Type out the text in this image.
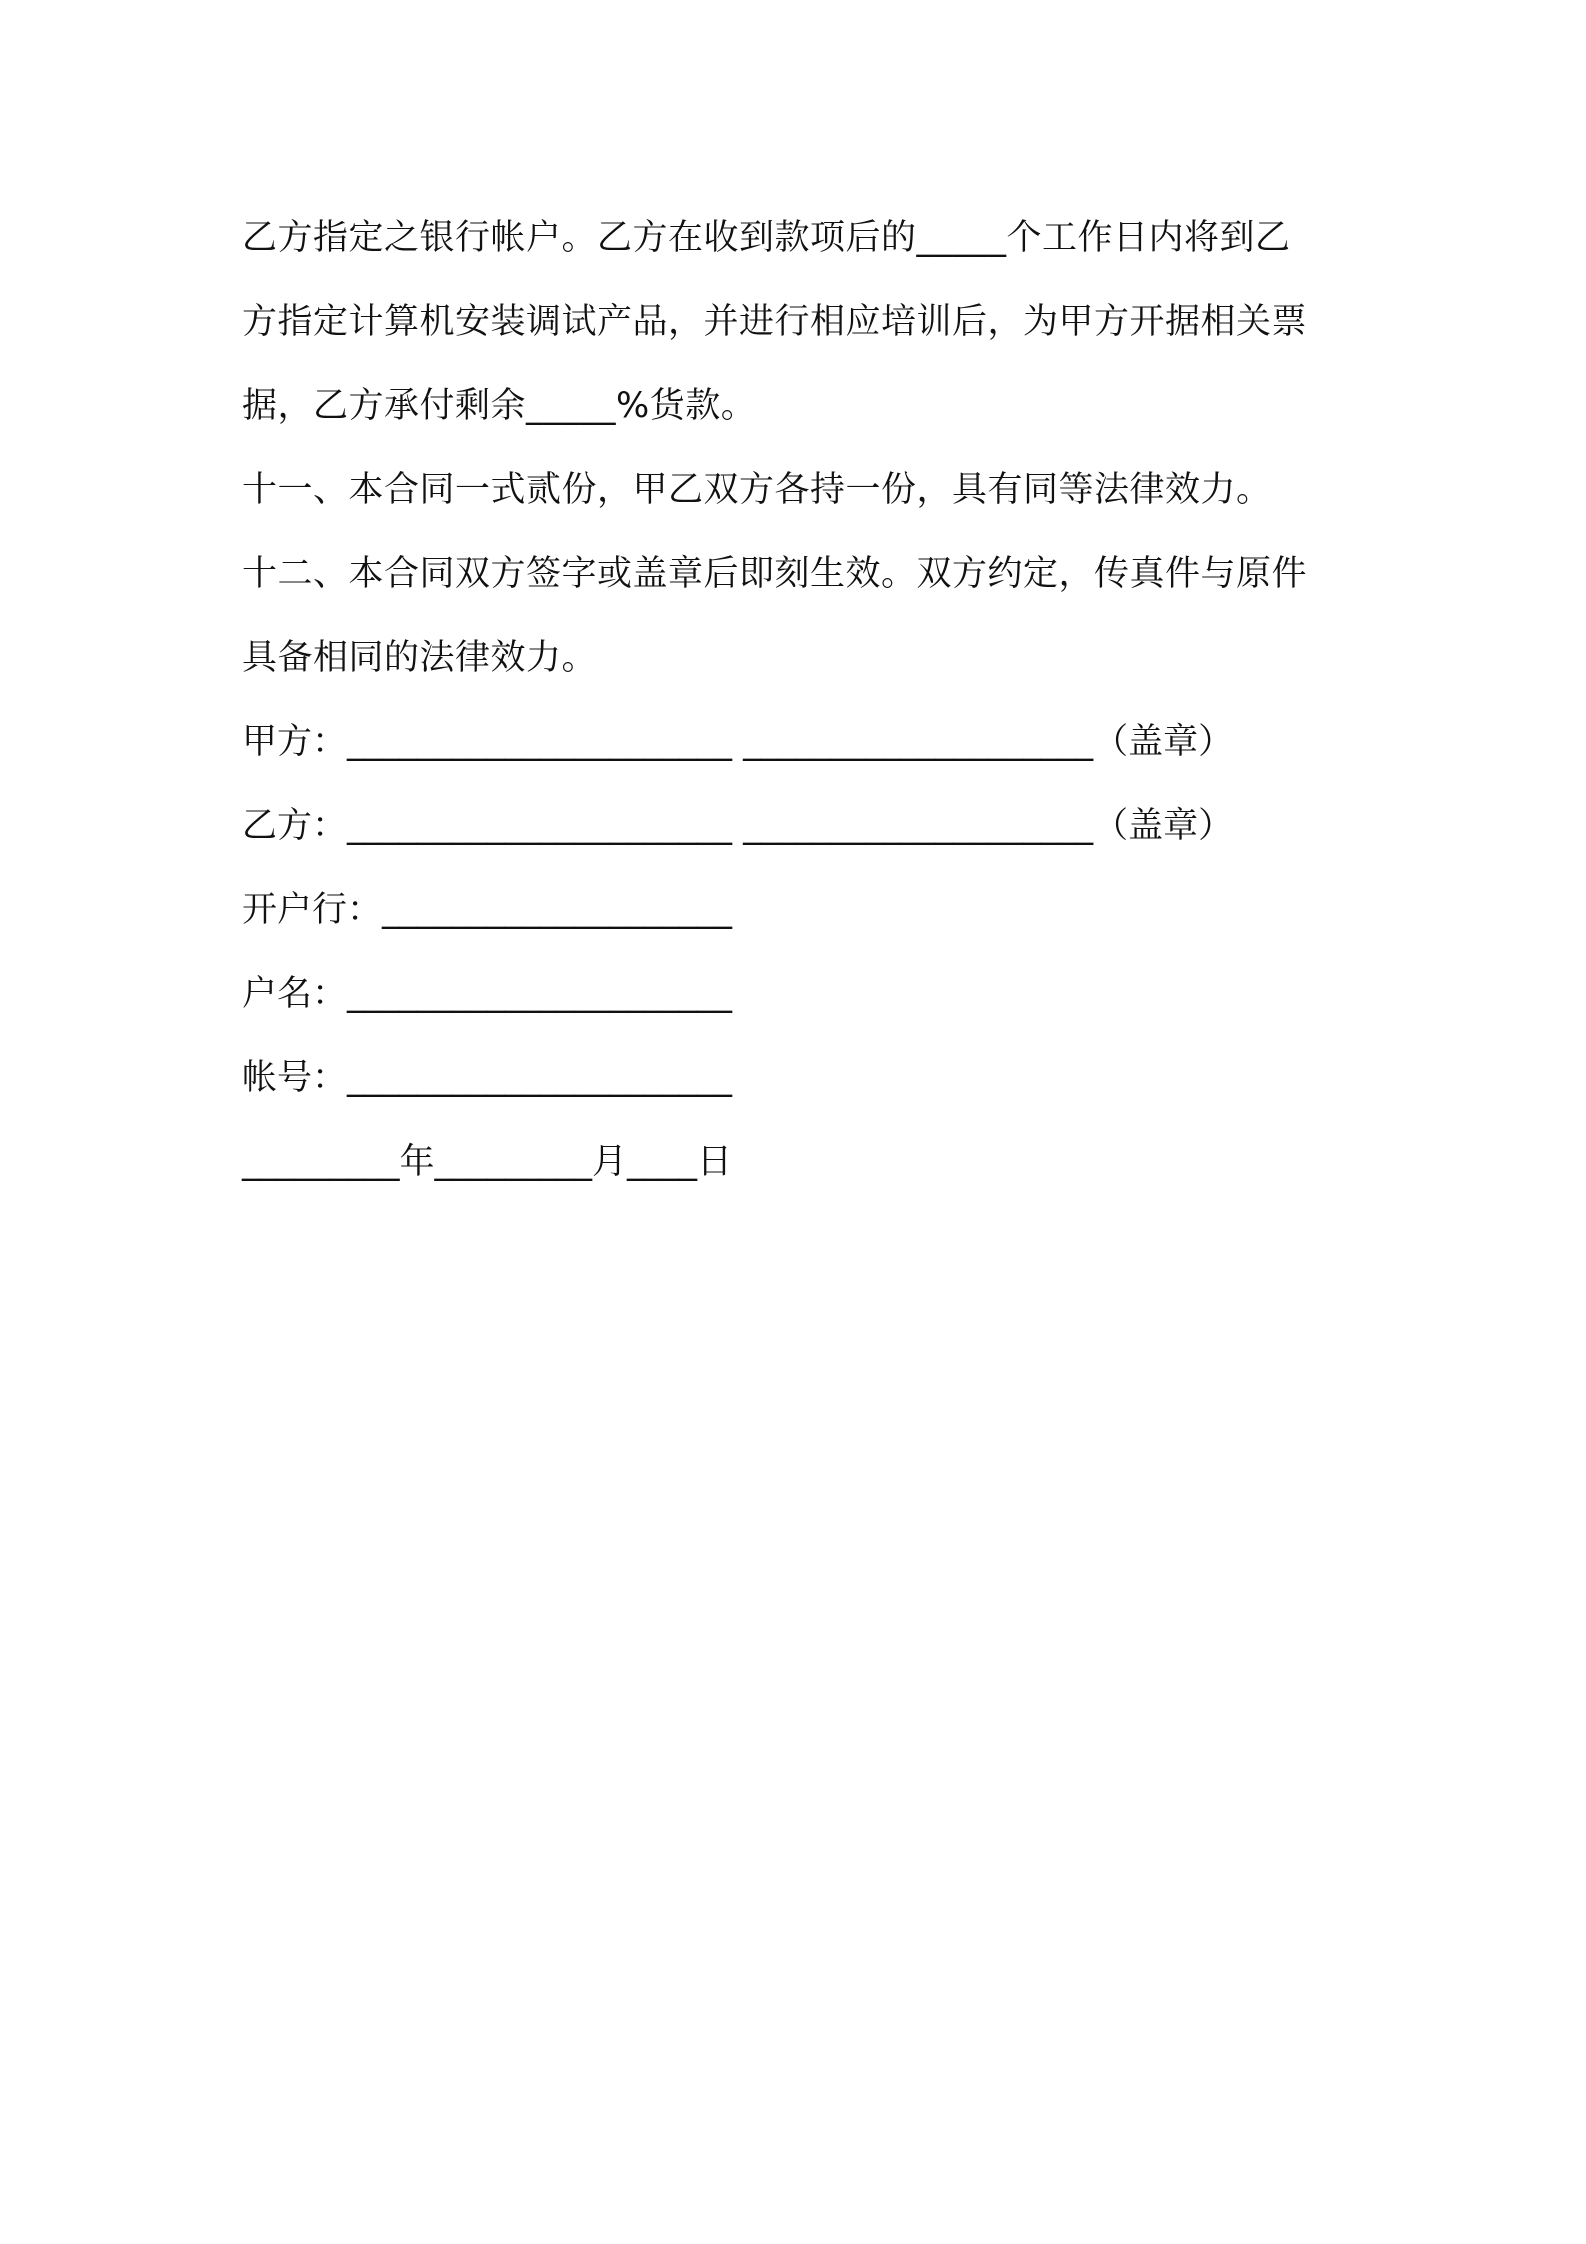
乙方指定之银行帐户。乙方在收到款项后的_____个工作日内将到乙
方指定计算机安装调试产品，并进行相应培训后，为甲方开据相关票
据，乙方承付剩余_____%货款。
十一、本合同一式贰份，甲乙双方各持一份，具有同等法律效力。
十二、本合同双方签字或盖章后即刻生效。双方约定，传真件与原件
具备相同的法律效力。
甲方：______________________ ____________________（盖章）
乙方：______________________ ____________________（盖章）
开户行：____________________
户名：______________________
帐号：______________________
_________年_________月____日
